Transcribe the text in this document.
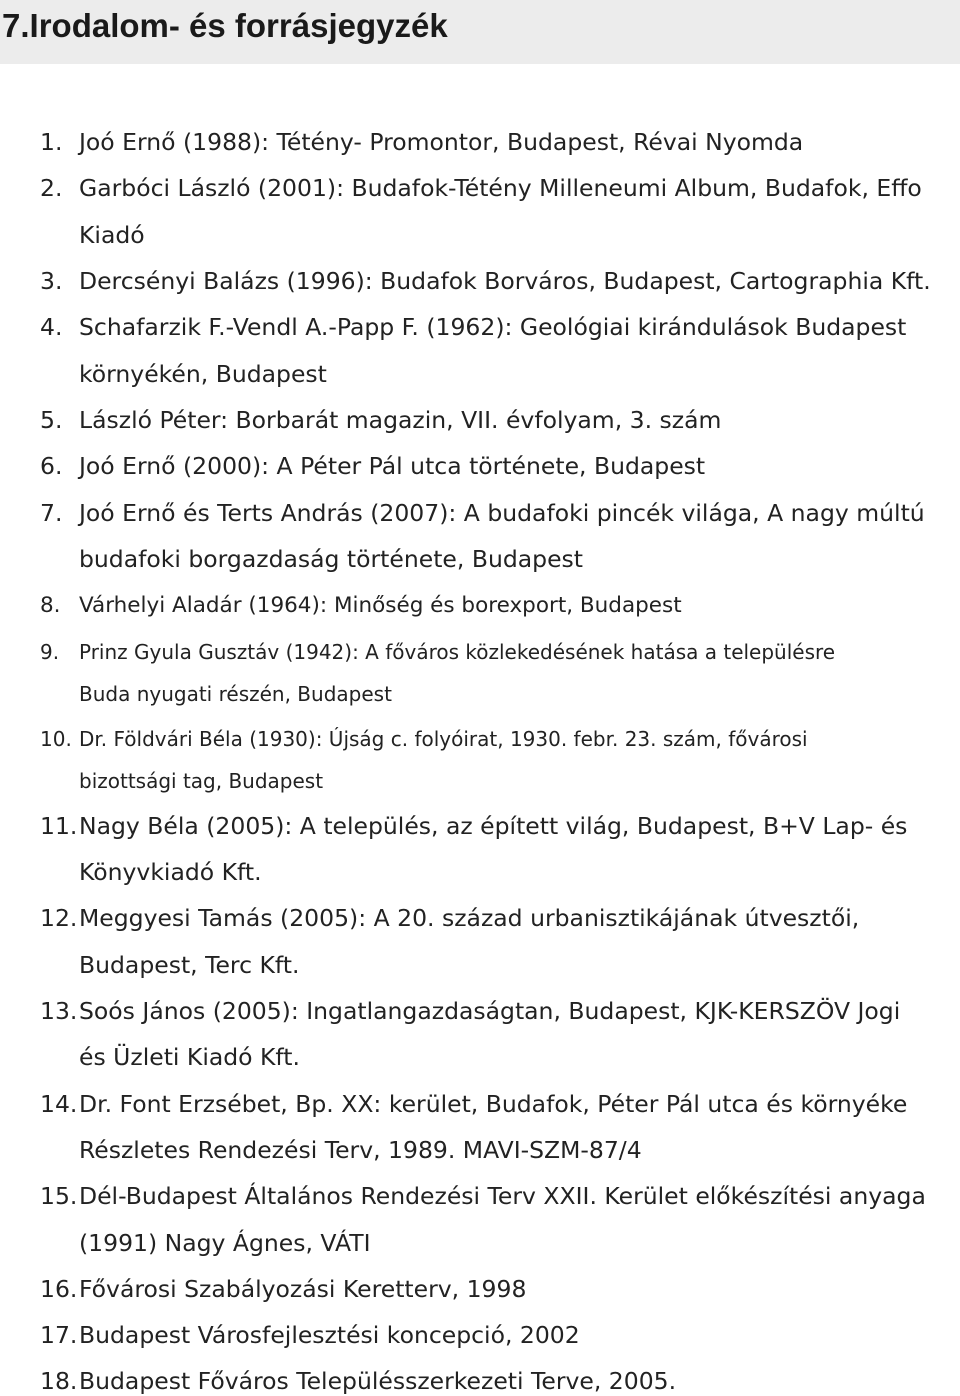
7.Irodalom- és forrásjegyzék
1. Joó Ernő (1988): Tétény- Promontor, Budapest, Révai Nyomda
2. Garbóci László (2001): Budafok-Tétény Milleneumi Album, Budafok, Effo
Kiadó
3. Dercsényi Balázs (1996): Budafok Borváros, Budapest, Cartographia Kft.
4. Schafarzik F.-Vendl A.-Papp F. (1962): Geológiai kirándulások Budapest
környékén, Budapest
5. László Péter: Borbarát magazin, VII. évfolyam, 3. szám
6. Joó Ernő (2000): A Péter Pál utca története, Budapest
7. Joó Ernő és Terts András (2007): A budafoki pincék világa, A nagy múltú
budafoki borgazdaság története, Budapest
8. Várhelyi Aladár (1964): Minőség és borexport, Budapest
9. Prinz Gyula Gusztáv (1942): A főváros közlekedésének hatása a településre
Buda nyugati részén, Budapest
10. Dr. Földvári Béla (1930): Újság c. folyóirat, 1930. febr. 23. szám, fővárosi
bizottsági tag, Budapest
11. Nagy Béla (2005): A település, az épített világ, Budapest, B+V Lap- és
Könyvkiadó Kft.
12. Meggyesi Tamás (2005): A 20. század urbanisztikájának útvesztői,
Budapest, Terc Kft.
13. Soós János (2005): Ingatlangazdaságtan, Budapest, KJK-KERSZÖV Jogi
és Üzleti Kiadó Kft.
14. Dr. Font Erzsébet, Bp. XX: kerület, Budafok, Péter Pál utca és környéke
Részletes Rendezési Terv, 1989. MAVI-SZM-87/4
15. Dél-Budapest Általános Rendezési Terv XXII. Kerület előkészítési anyaga
(1991) Nagy Ágnes, VÁTI
16. Fővárosi Szabályozási Keretterv, 1998
17. Budapest Városfejlesztési koncepció, 2002
18. Budapest Főváros Településszerkezeti Terve, 2005.
